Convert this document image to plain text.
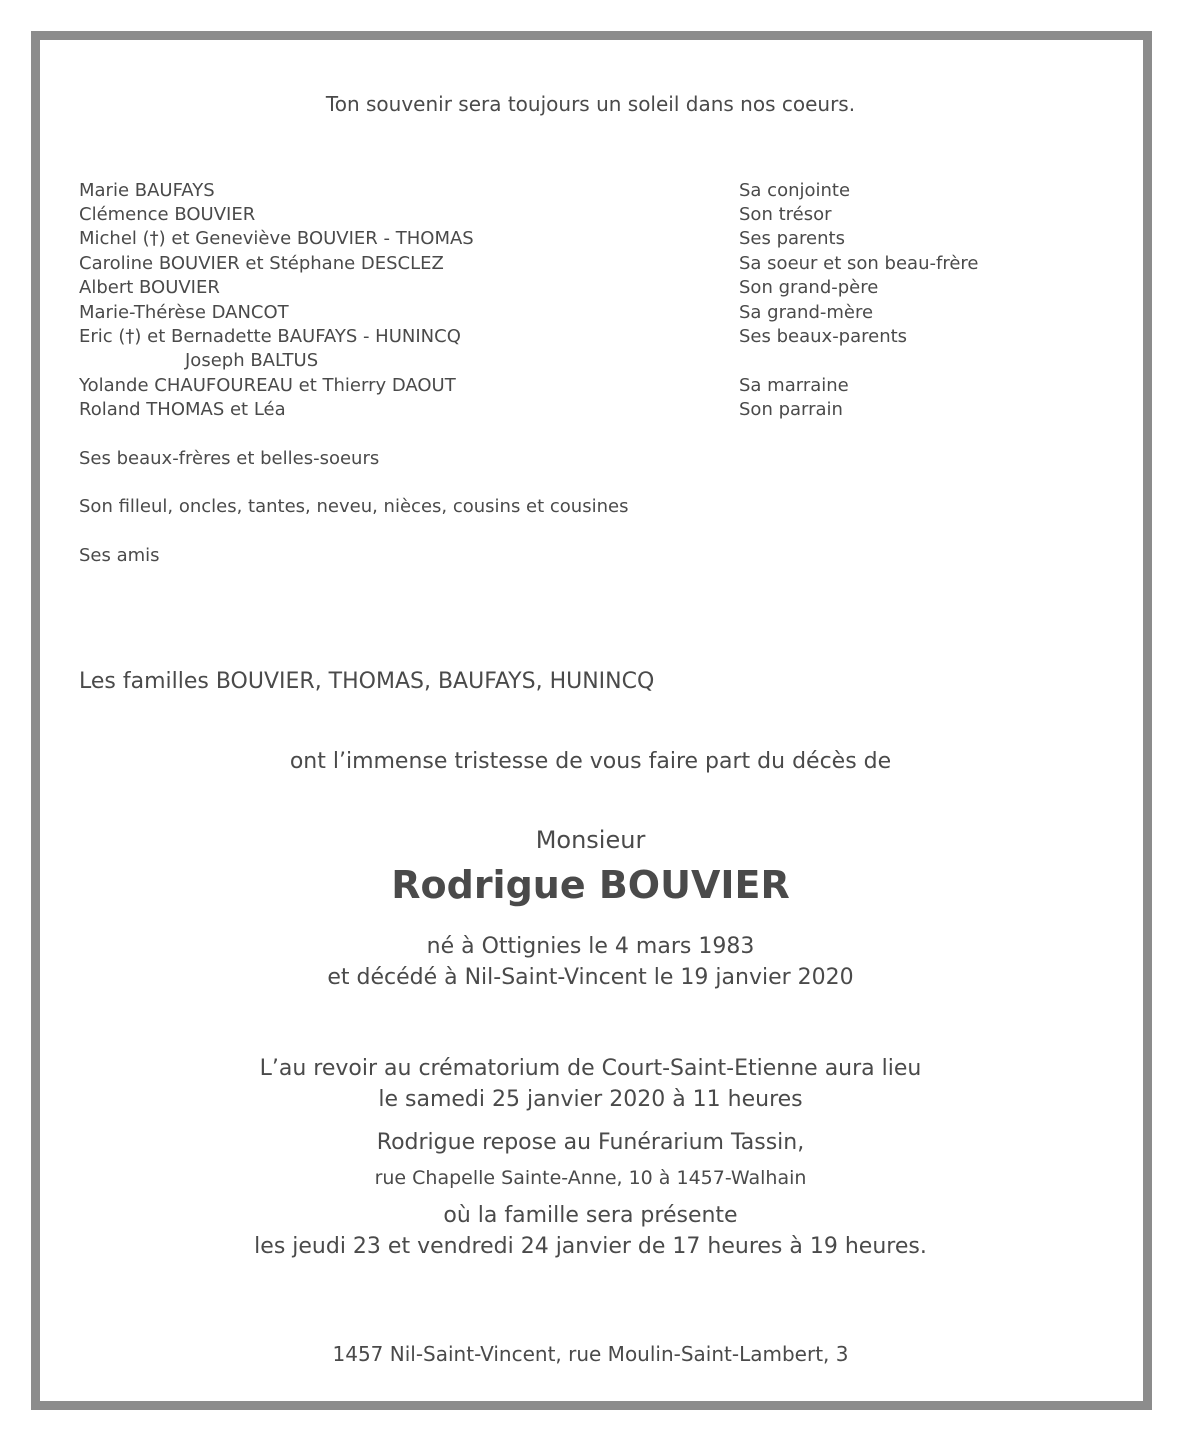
Ton souvenir sera toujours un soleil dans nos coeurs.
Marie BAUFAYS	Sa conjointe
Clémence BOUVIER	Son trésor
Michel (†) et Geneviève BOUVIER - THOMAS	Ses parents
Caroline BOUVIER et Stéphane DESCLEZ	Sa soeur et son beau-frère
Albert BOUVIER	Son grand-père
Marie-Thérèse DANCOT	Sa grand-mère
Eric (†) et Bernadette BAUFAYS - HUNINCQ	Ses beaux-parents
Joseph BALTUS
Yolande CHAUFOUREAU et Thierry DAOUT	Sa marraine
Roland THOMAS et Léa	Son parrain
Ses beaux-frères et belles-soeurs
Son filleul, oncles, tantes, neveu, nièces, cousins et cousines
Ses amis
Les familles BOUVIER, THOMAS, BAUFAYS, HUNINCQ
ont l’immense tristesse de vous faire part du décès de
Monsieur
Rodrigue BOUVIER
né à Ottignies le 4 mars 1983
et décédé à Nil-Saint-Vincent le 19 janvier 2020
L’au revoir au crématorium de Court-Saint-Etienne aura lieu
le samedi 25 janvier 2020 à 11 heures
Rodrigue repose au Funérarium Tassin,
rue Chapelle Sainte-Anne, 10 à 1457-Walhain
où la famille sera présente
les jeudi 23 et vendredi 24 janvier de 17 heures à 19 heures.
1457 Nil-Saint-Vincent, rue Moulin-Saint-Lambert, 3
